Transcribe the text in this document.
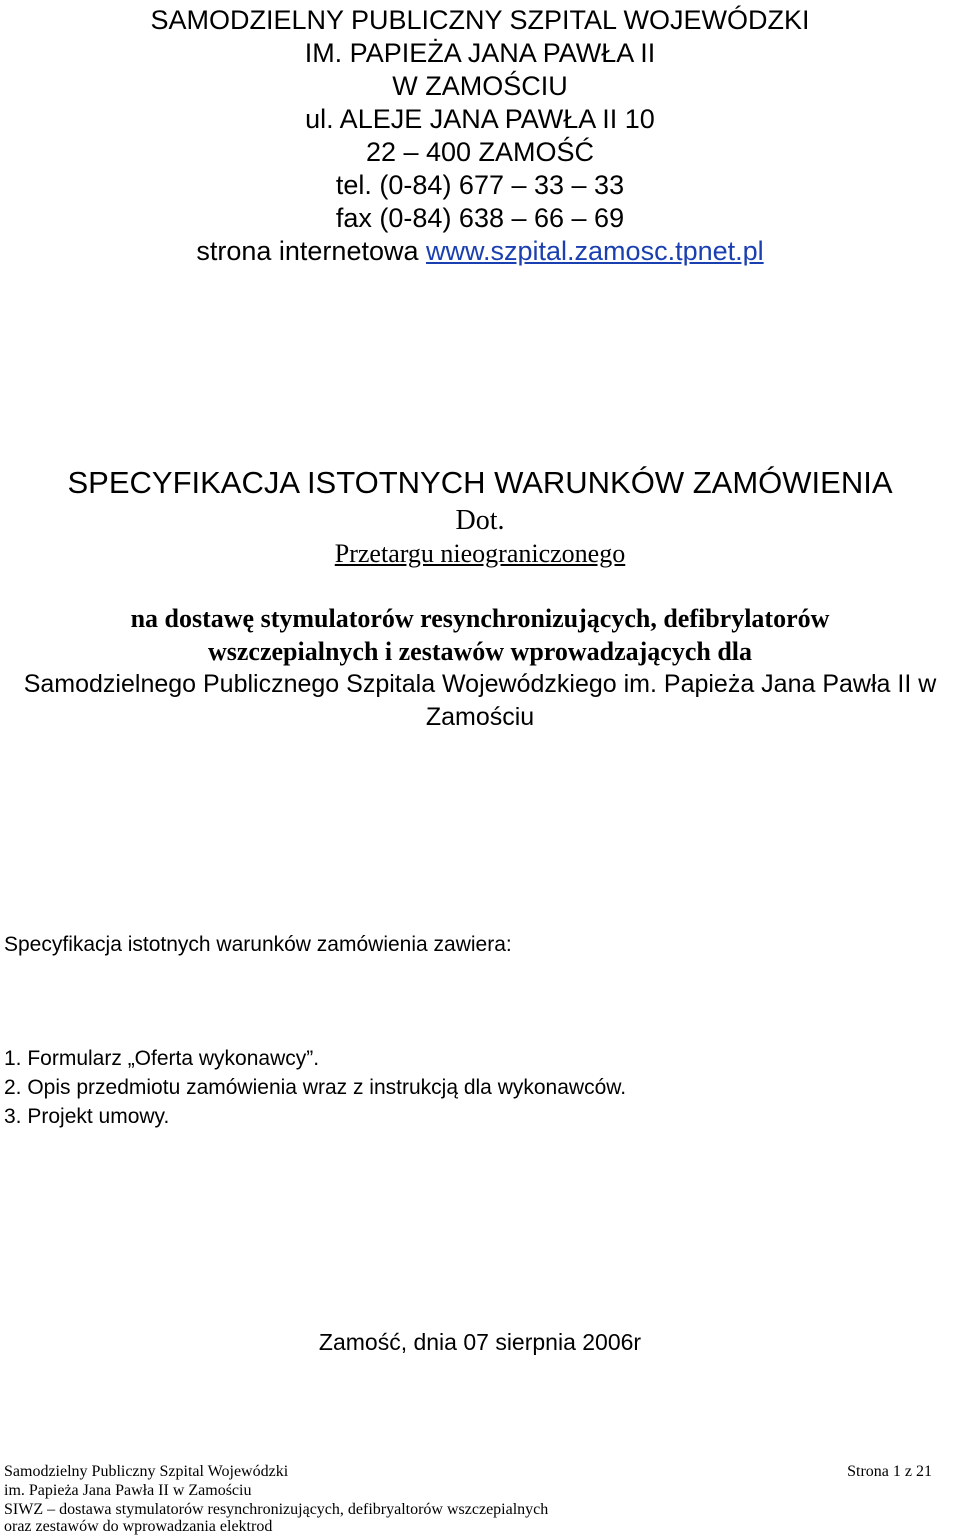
SAMODZIELNY PUBLICZNY SZPITAL WOJEWÓDZKI
IM. PAPIEŻA JANA PAWŁA II
W ZAMOŚCIU
ul. ALEJE JANA PAWŁA II 10
22 – 400 ZAMOŚĆ
tel. (0-84) 677 – 33 – 33
fax (0-84) 638 – 66 – 69
strona internetowa www.szpital.zamosc.tpnet.pl
SPECYFIKACJA ISTOTNYCH WARUNKÓW ZAMÓWIENIA
Dot.
Przetargu nieograniczonego
na dostawę stymulatorów resynchronizujących, defibrylatorów
wszczepialnych i zestawów wprowadzających dla
Samodzielnego Publicznego Szpitala Wojewódzkiego im. Papieża Jana Pawła II w
Zamościu
Specyfikacja istotnych warunków zamówienia zawiera:
1. Formularz „Oferta wykonawcy”.
2. Opis przedmiotu zamówienia wraz z instrukcją dla wykonawców.
3. Projekt umowy.
Zamość, dnia 07 sierpnia 2006r
Samodzielny Publiczny Szpital Wojewódzki	Strona 1 z 21
im. Papieża Jana Pawła II w Zamościu
SIWZ – dostawa stymulatorów resynchronizujących, defibryaltorów wszczepialnych
oraz zestawów do wprowadzania elektrod
